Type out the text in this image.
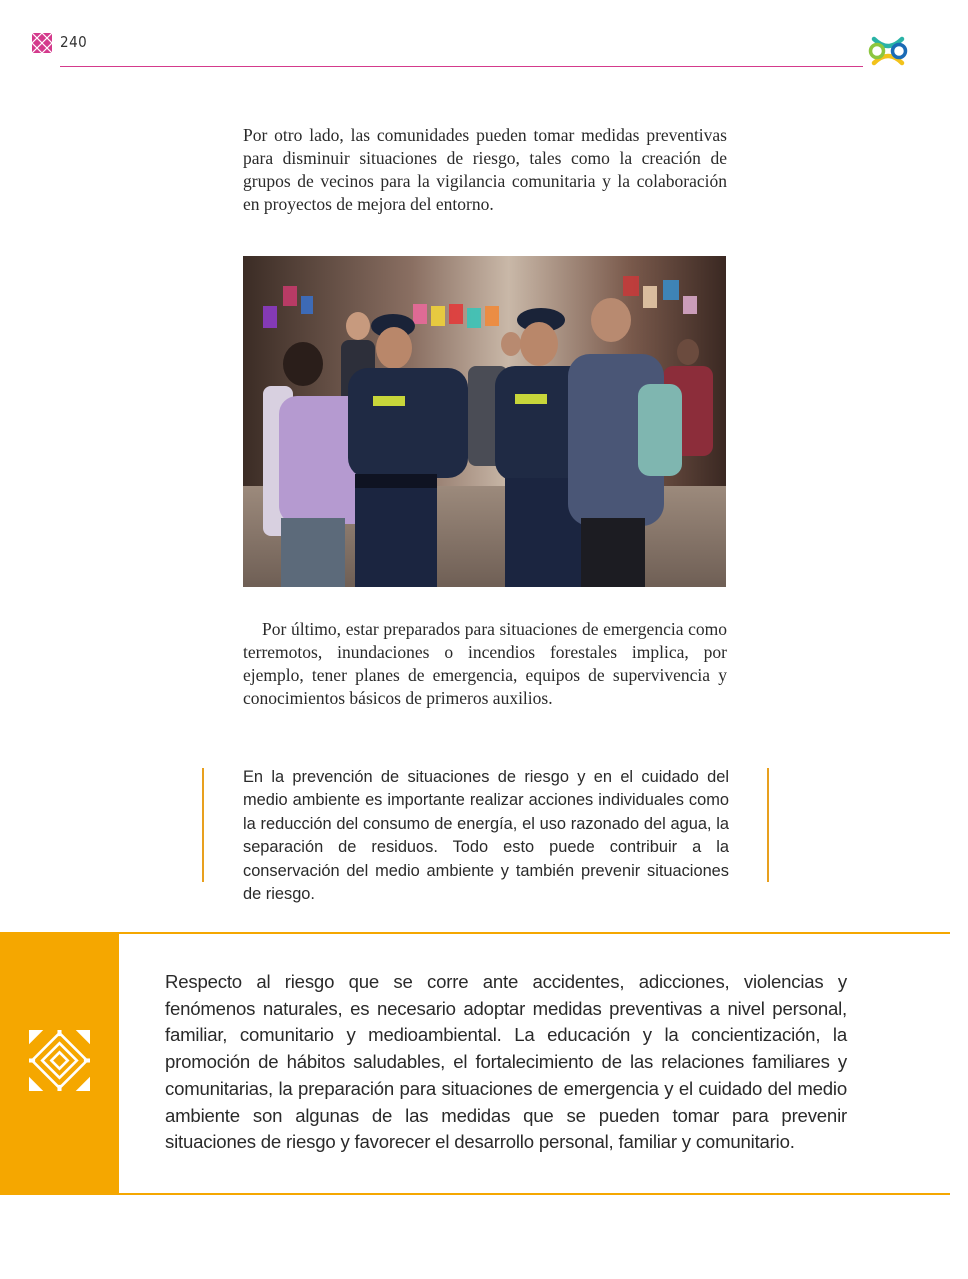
240

Por otro lado, las comunidades pueden tomar medidas preventivas para disminuir situaciones de riesgo, tales como la creación de grupos de vecinos para la vigilancia comunitaria y la colaboración en proyectos de mejora del entorno.

Por último, estar preparados para situaciones de emergencia como terremotos, inundaciones o incendios forestales implica, por ejemplo, tener planes de emergencia, equipos de supervivencia y conocimientos básicos de primeros auxilios.

En la prevención de situaciones de riesgo y en el cuidado del medio ambiente es importante realizar acciones individuales como la reducción del consumo de energía, el uso razonado del agua, la separación de residuos. Todo esto puede contribuir a la conservación del medio ambiente y también prevenir situaciones de riesgo.

Respecto al riesgo que se corre ante accidentes, adicciones, violencias y fenómenos naturales, es necesario adoptar medidas preventivas a nivel personal, familiar, comunitario y medioambiental. La educación y la concientización, la promoción de hábitos saludables, el fortalecimiento de las relaciones familiares y comunitarias, la preparación para situaciones de emergencia y el cuidado del medio ambiente son algunas de las medidas que se pueden tomar para prevenir situaciones de riesgo y favorecer el desarrollo personal, familiar y comunitario.
